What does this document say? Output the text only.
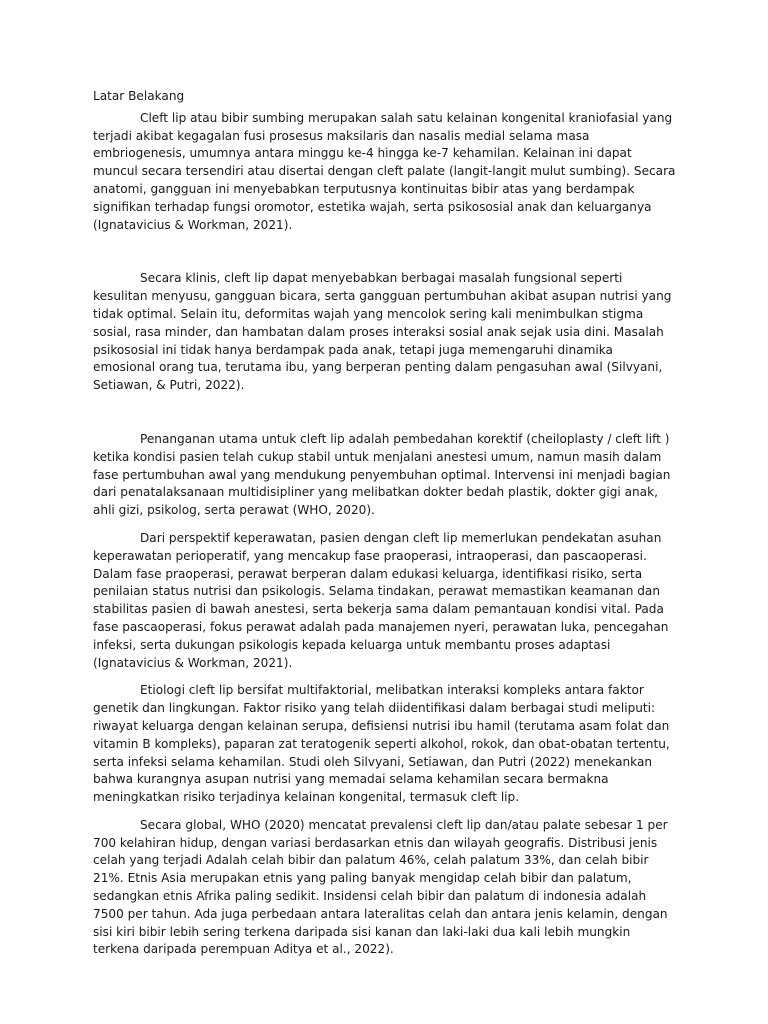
Latar Belakang

Cleft lip atau bibir sumbing merupakan salah satu kelainan kongenital kraniofasial yang terjadi akibat kegagalan fusi prosesus maksilaris dan nasalis medial selama masa embriogenesis, umumnya antara minggu ke-4 hingga ke-7 kehamilan. Kelainan ini dapat muncul secara tersendiri atau disertai dengan cleft palate (langit-langit mulut sumbing). Secara anatomi, gangguan ini menyebabkan terputusnya kontinuitas bibir atas yang berdampak signifikan terhadap fungsi oromotor, estetika wajah, serta psikososial anak dan keluarganya (Ignatavicius & Workman, 2021).

Secara klinis, cleft lip dapat menyebabkan berbagai masalah fungsional seperti kesulitan menyusu, gangguan bicara, serta gangguan pertumbuhan akibat asupan nutrisi yang tidak optimal. Selain itu, deformitas wajah yang mencolok sering kali menimbulkan stigma sosial, rasa minder, dan hambatan dalam proses interaksi sosial anak sejak usia dini. Masalah psikososial ini tidak hanya berdampak pada anak, tetapi juga memengaruhi dinamika emosional orang tua, terutama ibu, yang berperan penting dalam pengasuhan awal (Silvyani, Setiawan, & Putri, 2022).

Penanganan utama untuk cleft lip adalah pembedahan korektif (cheiloplasty / cleft lift ) ketika kondisi pasien telah cukup stabil untuk menjalani anestesi umum, namun masih dalam fase pertumbuhan awal yang mendukung penyembuhan optimal. Intervensi ini menjadi bagian dari penatalaksanaan multidisipliner yang melibatkan dokter bedah plastik, dokter gigi anak, ahli gizi, psikolog, serta perawat (WHO, 2020).

Dari perspektif keperawatan, pasien dengan cleft lip memerlukan pendekatan asuhan keperawatan perioperatif, yang mencakup fase praoperasi, intraoperasi, dan pascaoperasi. Dalam fase praoperasi, perawat berperan dalam edukasi keluarga, identifikasi risiko, serta penilaian status nutrisi dan psikologis. Selama tindakan, perawat memastikan keamanan dan stabilitas pasien di bawah anestesi, serta bekerja sama dalam pemantauan kondisi vital. Pada fase pascaoperasi, fokus perawat adalah pada manajemen nyeri, perawatan luka, pencegahan infeksi, serta dukungan psikologis kepada keluarga untuk membantu proses adaptasi (Ignatavicius & Workman, 2021).

Etiologi cleft lip bersifat multifaktorial, melibatkan interaksi kompleks antara faktor genetik dan lingkungan. Faktor risiko yang telah diidentifikasi dalam berbagai studi meliputi: riwayat keluarga dengan kelainan serupa, defisiensi nutrisi ibu hamil (terutama asam folat dan vitamin B kompleks), paparan zat teratogenik seperti alkohol, rokok, dan obat-obatan tertentu, serta infeksi selama kehamilan. Studi oleh Silvyani, Setiawan, dan Putri (2022) menekankan bahwa kurangnya asupan nutrisi yang memadai selama kehamilan secara bermakna meningkatkan risiko terjadinya kelainan kongenital, termasuk cleft lip.

Secara global, WHO (2020) mencatat prevalensi cleft lip dan/atau palate sebesar 1 per 700 kelahiran hidup, dengan variasi berdasarkan etnis dan wilayah geografis. Distribusi jenis celah yang terjadi Adalah celah bibir dan palatum 46%, celah palatum 33%, dan celah bibir 21%. Etnis Asia merupakan etnis yang paling banyak mengidap celah bibir dan palatum, sedangkan etnis Afrika paling sedikit. Insidensi celah bibir dan palatum di indonesia adalah 7500 per tahun. Ada juga perbedaan antara lateralitas celah dan antara jenis kelamin, dengan sisi kiri bibir lebih sering terkena daripada sisi kanan dan laki-laki dua kali lebih mungkin terkena daripada perempuan Aditya et al., 2022).
